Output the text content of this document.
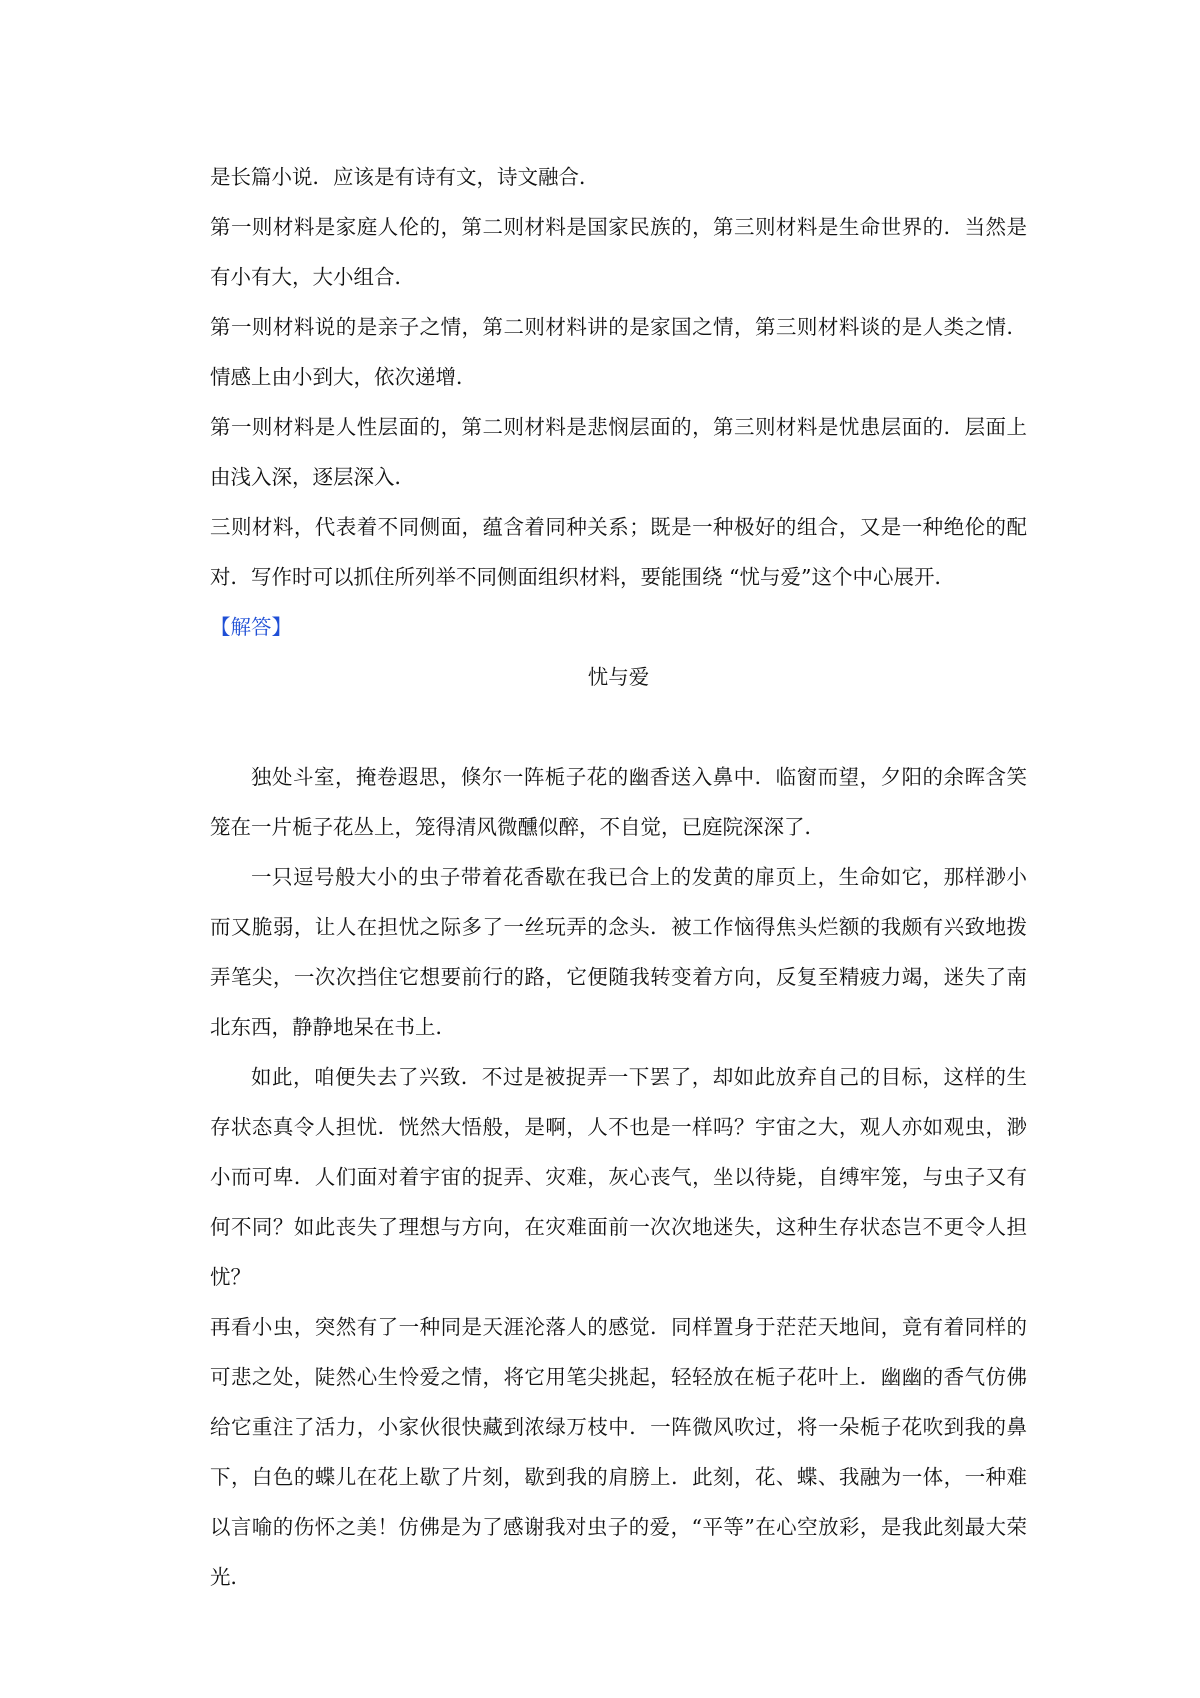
是长篇小说．应该是有诗有文，诗文融合．

第一则材料是家庭人伦的，第二则材料是国家民族的，第三则材料是生命世界的．当然是有小有大，大小组合．

第一则材料说的是亲子之情，第二则材料讲的是家国之情，第三则材料谈的是人类之情．情感上由小到大，依次递增．

第一则材料是人性层面的，第二则材料是悲悯层面的，第三则材料是忧患层面的．层面上由浅入深，逐层深入．

三则材料，代表着不同侧面，蕴含着同种关系；既是一种极好的组合，又是一种绝伦的配对．写作时可以抓住所列举不同侧面组织材料，要能围绕 “忧与爱”这个中心展开．

【解答】

忧与爱

独处斗室，掩卷遐思，倏尔一阵栀子花的幽香送入鼻中．临窗而望，夕阳的余晖含笑笼在一片栀子花丛上，笼得清风微醺似醉，不自觉，已庭院深深了．

一只逗号般大小的虫子带着花香歇在我已合上的发黄的扉页上，生命如它，那样渺小而又脆弱，让人在担忧之际多了一丝玩弄的念头．被工作恼得焦头烂额的我颇有兴致地拨弄笔尖，一次次挡住它想要前行的路，它便随我转变着方向，反复至精疲力竭，迷失了南北东西，静静地呆在书上．

如此，咱便失去了兴致．不过是被捉弄一下罢了，却如此放弃自己的目标，这样的生存状态真令人担忧．恍然大悟般，是啊，人不也是一样吗？宇宙之大，观人亦如观虫，渺小而可卑．人们面对着宇宙的捉弄、灾难，灰心丧气，坐以待毙，自缚牢笼，与虫子又有何不同？如此丧失了理想与方向，在灾难面前一次次地迷失，这种生存状态岂不更令人担忧？

再看小虫，突然有了一种同是天涯沦落人的感觉．同样置身于茫茫天地间，竟有着同样的可悲之处，陡然心生怜爱之情，将它用笔尖挑起，轻轻放在栀子花叶上．幽幽的香气仿佛给它重注了活力，小家伙很快藏到浓绿万枝中．一阵微风吹过，将一朵栀子花吹到我的鼻下，白色的蝶儿在花上歇了片刻，歇到我的肩膀上．此刻，花、蝶、我融为一体，一种难以言喻的伤怀之美！仿佛是为了感谢我对虫子的爱，“平等”在心空放彩，是我此刻最大荣光．
